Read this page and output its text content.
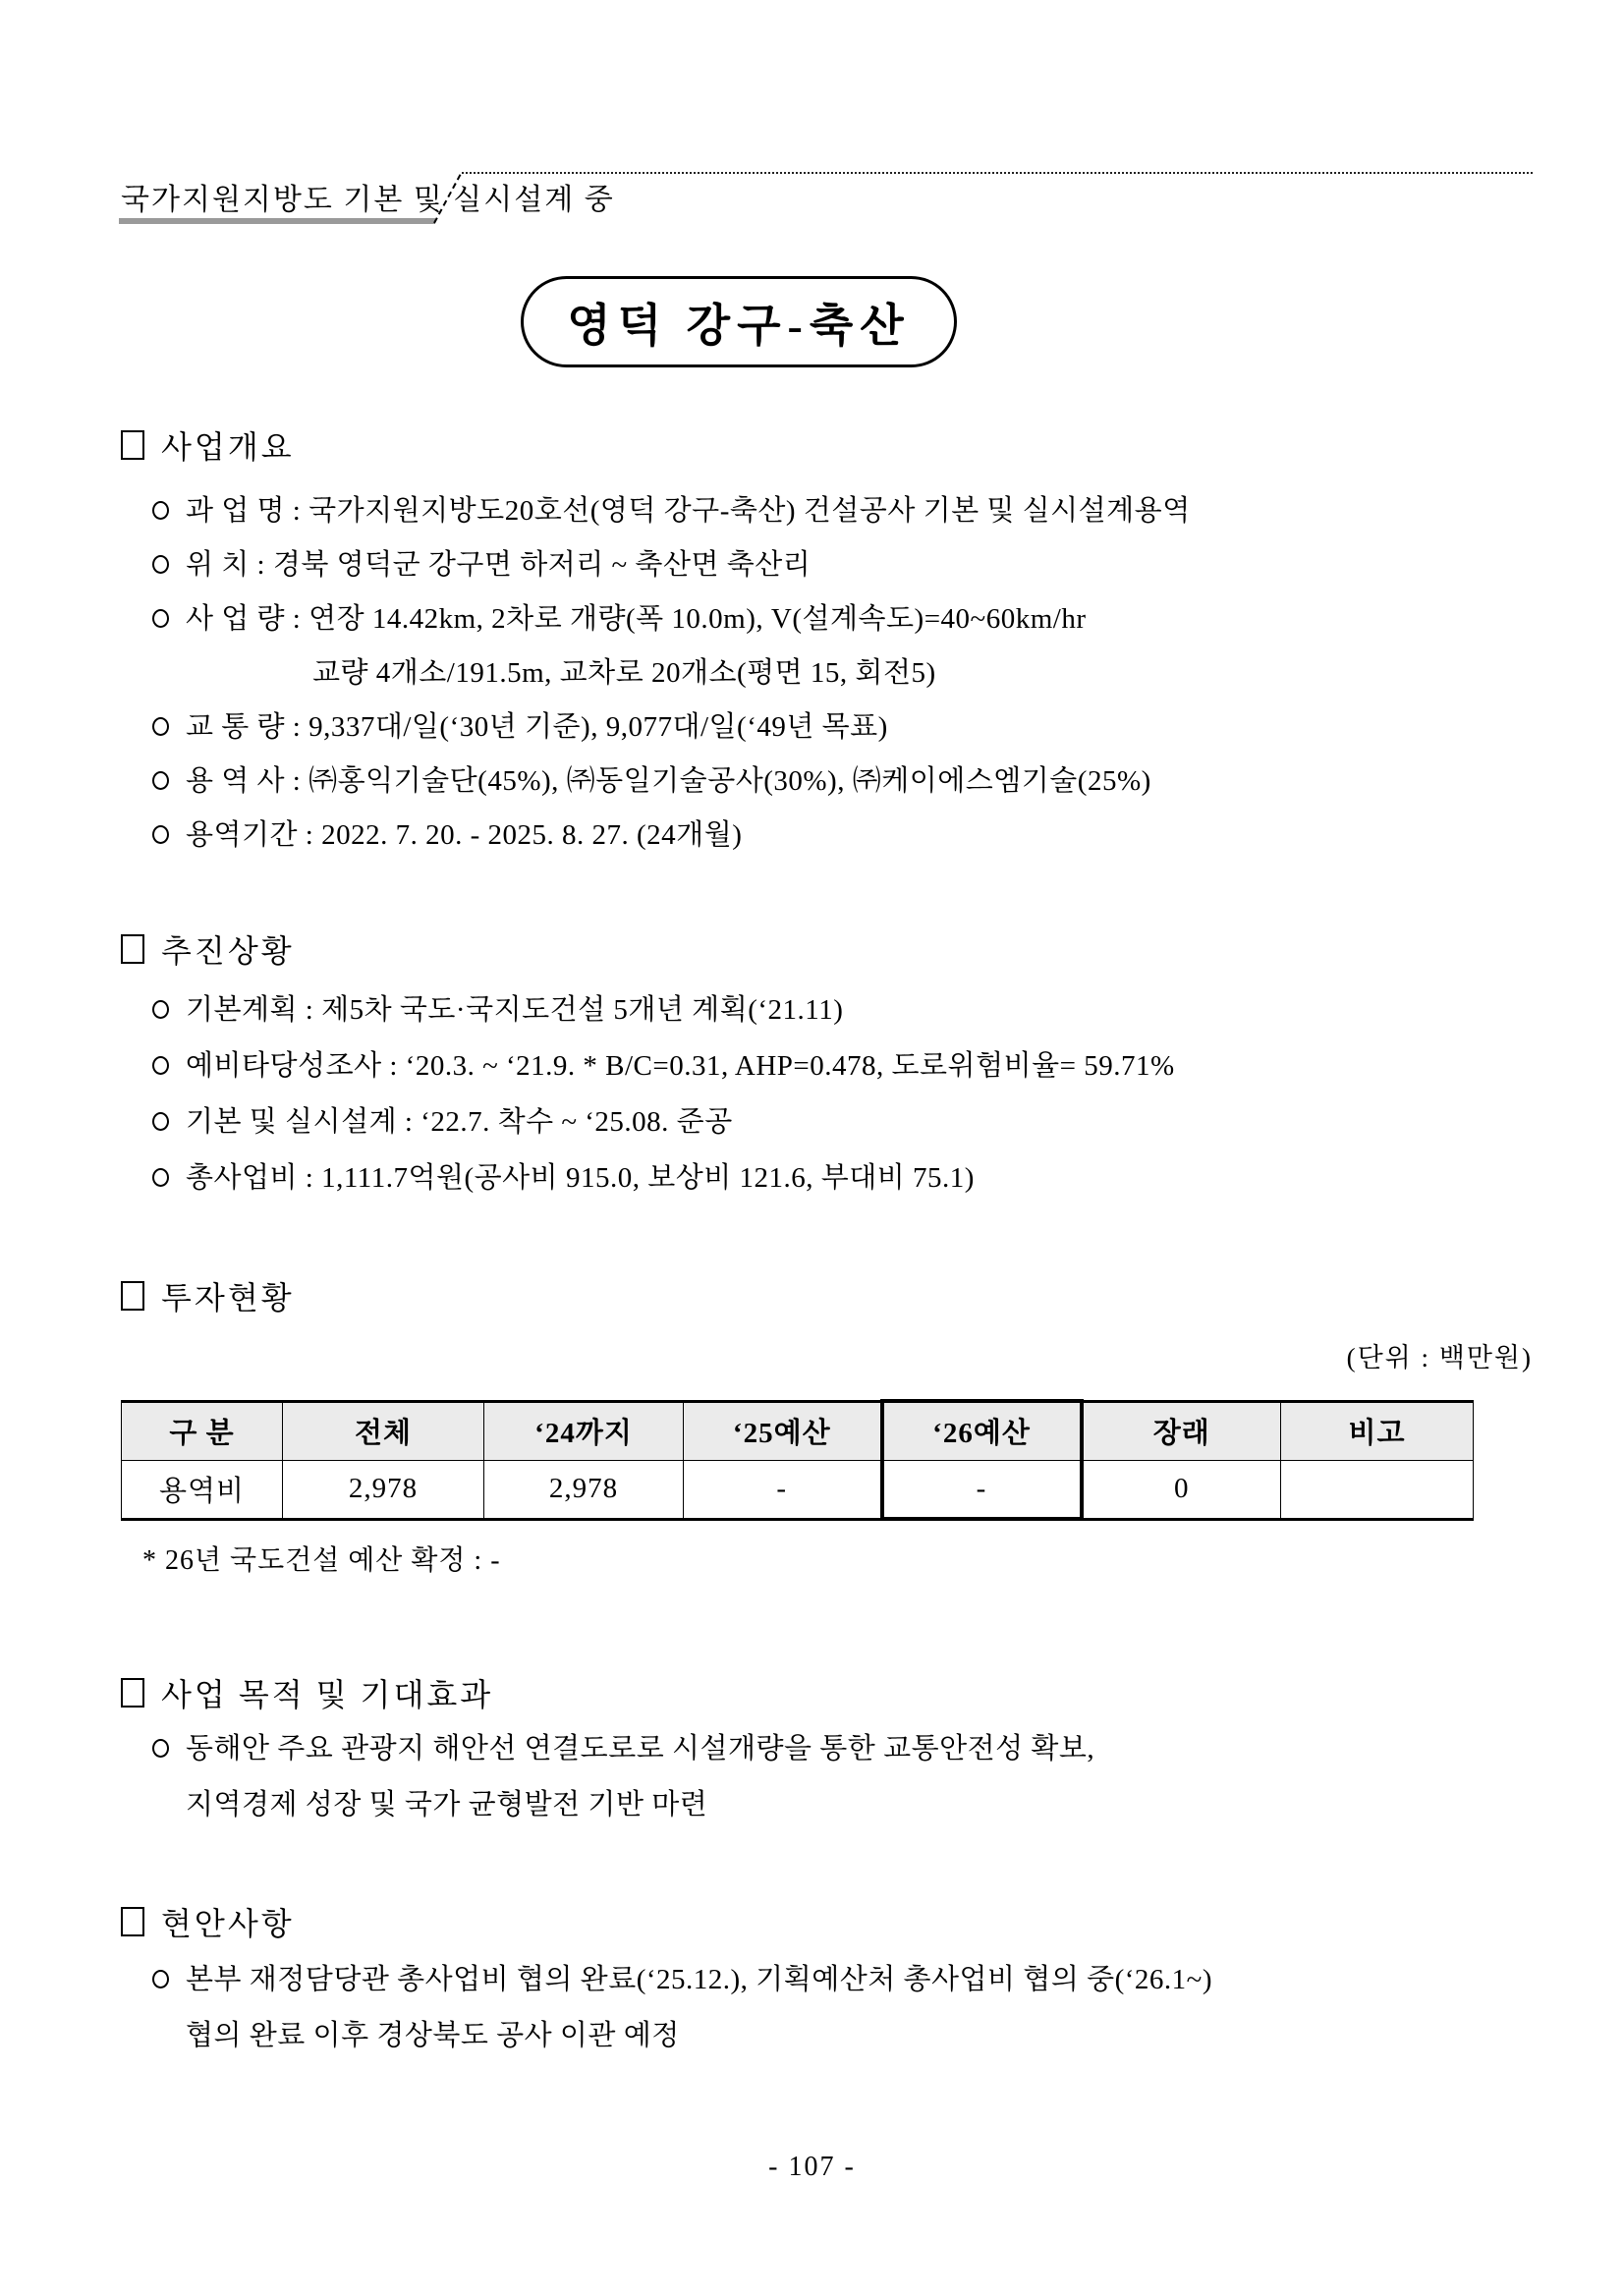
국가지원지방도 기본 및 실시설계 중
영덕 강구-축산
사업개요
과 업 명 : 국가지원지방도20호선(영덕 강구-축산) 건설공사 기본 및 실시설계용역
위 치 : 경북 영덕군 강구면 하저리 ~ 축산면 축산리
사 업 량 : 연장 14.42km, 2차로 개량(폭 10.0m), V(설계속도)=40~60km/hr
교량 4개소/191.5m, 교차로 20개소(평면 15, 회전5)
교 통 량 : 9,337대/일(‘30년 기준), 9,077대/일(‘49년 목표)
용 역 사 : ㈜홍익기술단(45%), ㈜동일기술공사(30%), ㈜케이에스엠기술(25%)
용역기간 : 2022. 7. 20. - 2025. 8. 27. (24개월)
추진상황
기본계획 : 제5차 국도·국지도건설 5개년 계획(‘21.11)
예비타당성조사 : ‘20.3. ~ ‘21.9. * B/C=0.31, AHP=0.478, 도로위험비율= 59.71%
기본 및 실시설계 : ‘22.7. 착수 ~ ‘25.08. 준공
총사업비 : 1,111.7억원(공사비 915.0, 보상비 121.6, 부대비 75.1)
투자현황
(단위 : 백만원)
구 분	전체	‘24까지	‘25예산	‘26예산	장래	비고
용역비	2,978	2,978	-	-	0	
* 26년 국도건설 예산 확정 : -
사업 목적 및 기대효과
동해안 주요 관광지 해안선 연결도로로 시설개량을 통한 교통안전성 확보,
지역경제 성장 및 국가 균형발전 기반 마련
현안사항
본부 재정담당관 총사업비 협의 완료(‘25.12.), 기획예산처 총사업비 협의 중(‘26.1~)
협의 완료 이후 경상북도 공사 이관 예정
- 107 -
